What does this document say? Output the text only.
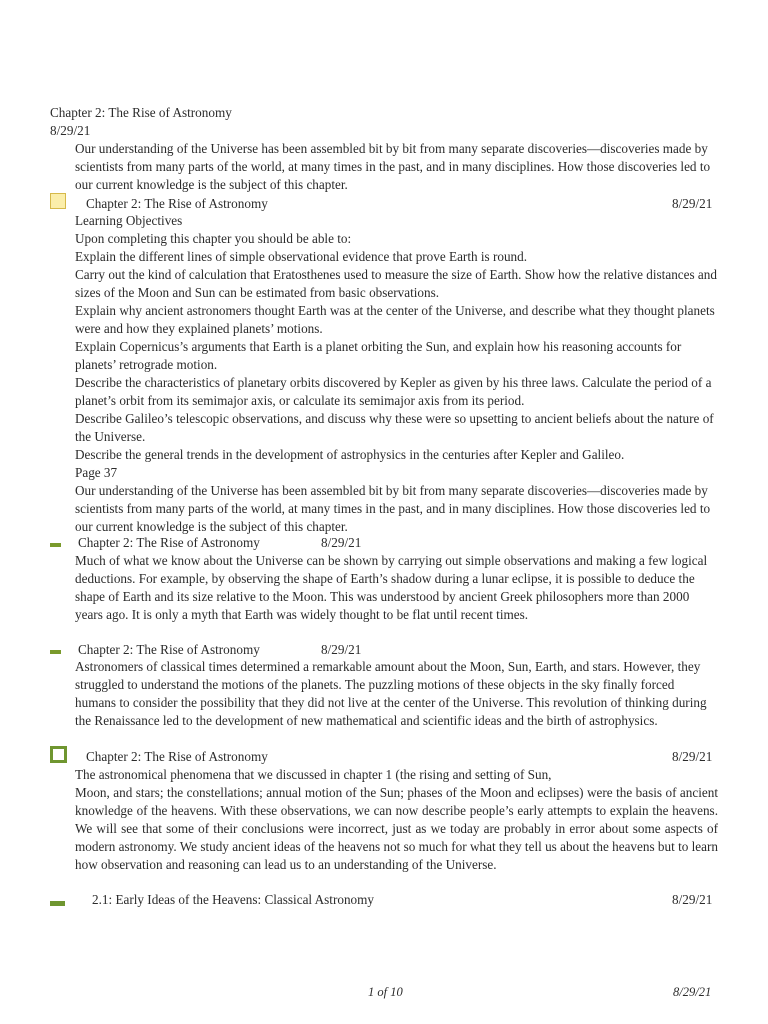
Chapter 2: The Rise of Astronomy
8/29/21

Our understanding of the Universe has been assembled bit by bit from many separate discoveries—discoveries made by scientists from many parts of the world, at many times in the past, and in many disciplines. How those discoveries led to our current knowledge is the subject of this chapter.

Chapter 2: The Rise of Astronomy	8/29/21

Learning Objectives

Upon completing this chapter you should be able to:

Explain the different lines of simple observational evidence that prove Earth is round.

Carry out the kind of calculation that Eratosthenes used to measure the size of Earth. Show how the relative distances and sizes of the Moon and Sun can be estimated from basic observations.

Explain why ancient astronomers thought Earth was at the center of the Universe, and describe what they thought planets were and how they explained planets’ motions.

Explain Copernicus’s arguments that Earth is a planet orbiting the Sun, and explain how his reasoning accounts for planets’ retrograde motion.

Describe the characteristics of planetary orbits discovered by Kepler as given by his three laws. Calculate the period of a planet’s orbit from its semimajor axis, or calculate its semimajor axis from its period.

Describe Galileo’s telescopic observations, and discuss why these were so upsetting to ancient beliefs about the nature of the Universe.

Describe the general trends in the development of astrophysics in the centuries after Kepler and Galileo.

Page 37

Our understanding of the Universe has been assembled bit by bit from many separate discoveries—discoveries made by scientists from many parts of the world, at many times in the past, and in many disciplines. How those discoveries led to our current knowledge is the subject of this chapter.

Chapter 2: The Rise of Astronomy	8/29/21

Much of what we know about the Universe can be shown by carrying out simple observations and making a few logical deductions. For example, by observing the shape of Earth’s shadow during a lunar eclipse, it is possible to deduce the shape of Earth and its size relative to the Moon. This was understood by ancient Greek philosophers more than 2000 years ago. It is only a myth that Earth was widely thought to be flat until recent times.

Chapter 2: The Rise of Astronomy	8/29/21

Astronomers of classical times determined a remarkable amount about the Moon, Sun, Earth, and stars. However, they struggled to understand the motions of the planets. The puzzling motions of these objects in the sky finally forced humans to consider the possibility that they did not live at the center of the Universe. This revolution of thinking during the Renaissance led to the development of new mathematical and scientific ideas and the birth of astrophysics.

Chapter 2: The Rise of Astronomy	8/29/21

The astronomical phenomena that we discussed in chapter 1 (the rising and setting of Sun,

Moon, and stars; the constellations; annual motion of the Sun; phases of the Moon and eclipses) were the basis of ancient knowledge of the heavens. With these observations, we can now describe people’s early attempts to explain the heavens. We will see that some of their conclusions were incorrect, just as we today are probably in error about some aspects of modern astronomy. We study ancient ideas of the heavens not so much for what they tell us about the heavens but to learn how observation and reasoning can lead us to an understanding of the Universe.

2.1: Early Ideas of the Heavens: Classical Astronomy	8/29/21
1 of 10	8/29/21
